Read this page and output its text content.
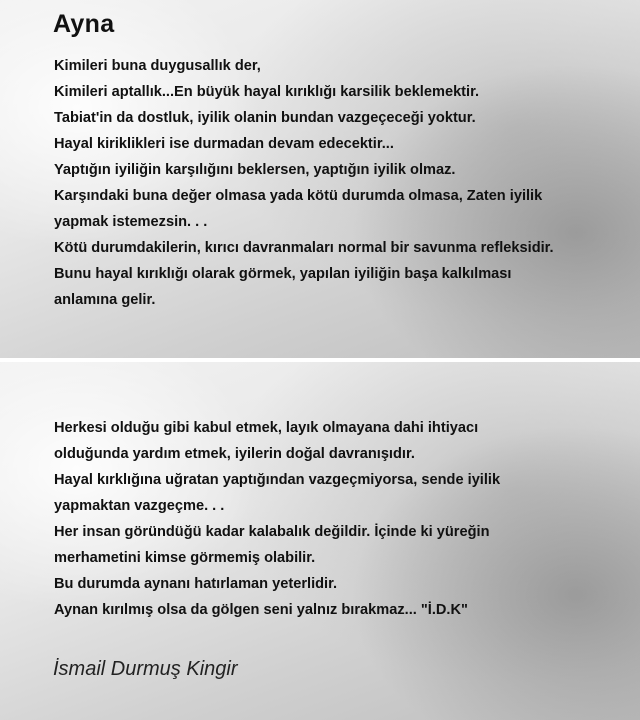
Ayna
Kimileri buna duygusallık der,
Kimileri aptallık...En büyük hayal kırıklığı karsilik beklemektir.
Tabiat'in da dostluk, iyilik olanin bundan vazgeçeceği yoktur.
Hayal kiriklikleri ise durmadan devam edecektir...
Yaptığın iyiliğin karşılığını beklersen, yaptığın iyilik olmaz.
Karşındaki buna değer olmasa yada kötü durumda olmasa, Zaten iyilik
yapmak istemezsin. . .
Kötü durumdakilerin, kırıcı davranmaları normal bir savunma refleksidir.
Bunu hayal kırıklığı olarak görmek, yapılan iyiliğin başa kalkılması
anlamına gelir.
Herkesi olduğu gibi kabul etmek, layık olmayana dahi ihtiyacı
olduğunda yardım etmek, iyilerin doğal davranışıdır.
Hayal kırklığına uğratan yaptığından vazgeçmiyorsa, sende iyilik
yapmaktan vazgeçme. . .
Her insan göründüğü kadar kalabalık değildir. İçinde ki yüreğin
merhametini kimse görmemiş olabilir.
Bu durumda aynanı hatırlaman yeterlidir.
Aynan kırılmış olsa da gölgen seni yalnız bırakmaz... "İ.D.K"
İsmail Durmuş Kingir
